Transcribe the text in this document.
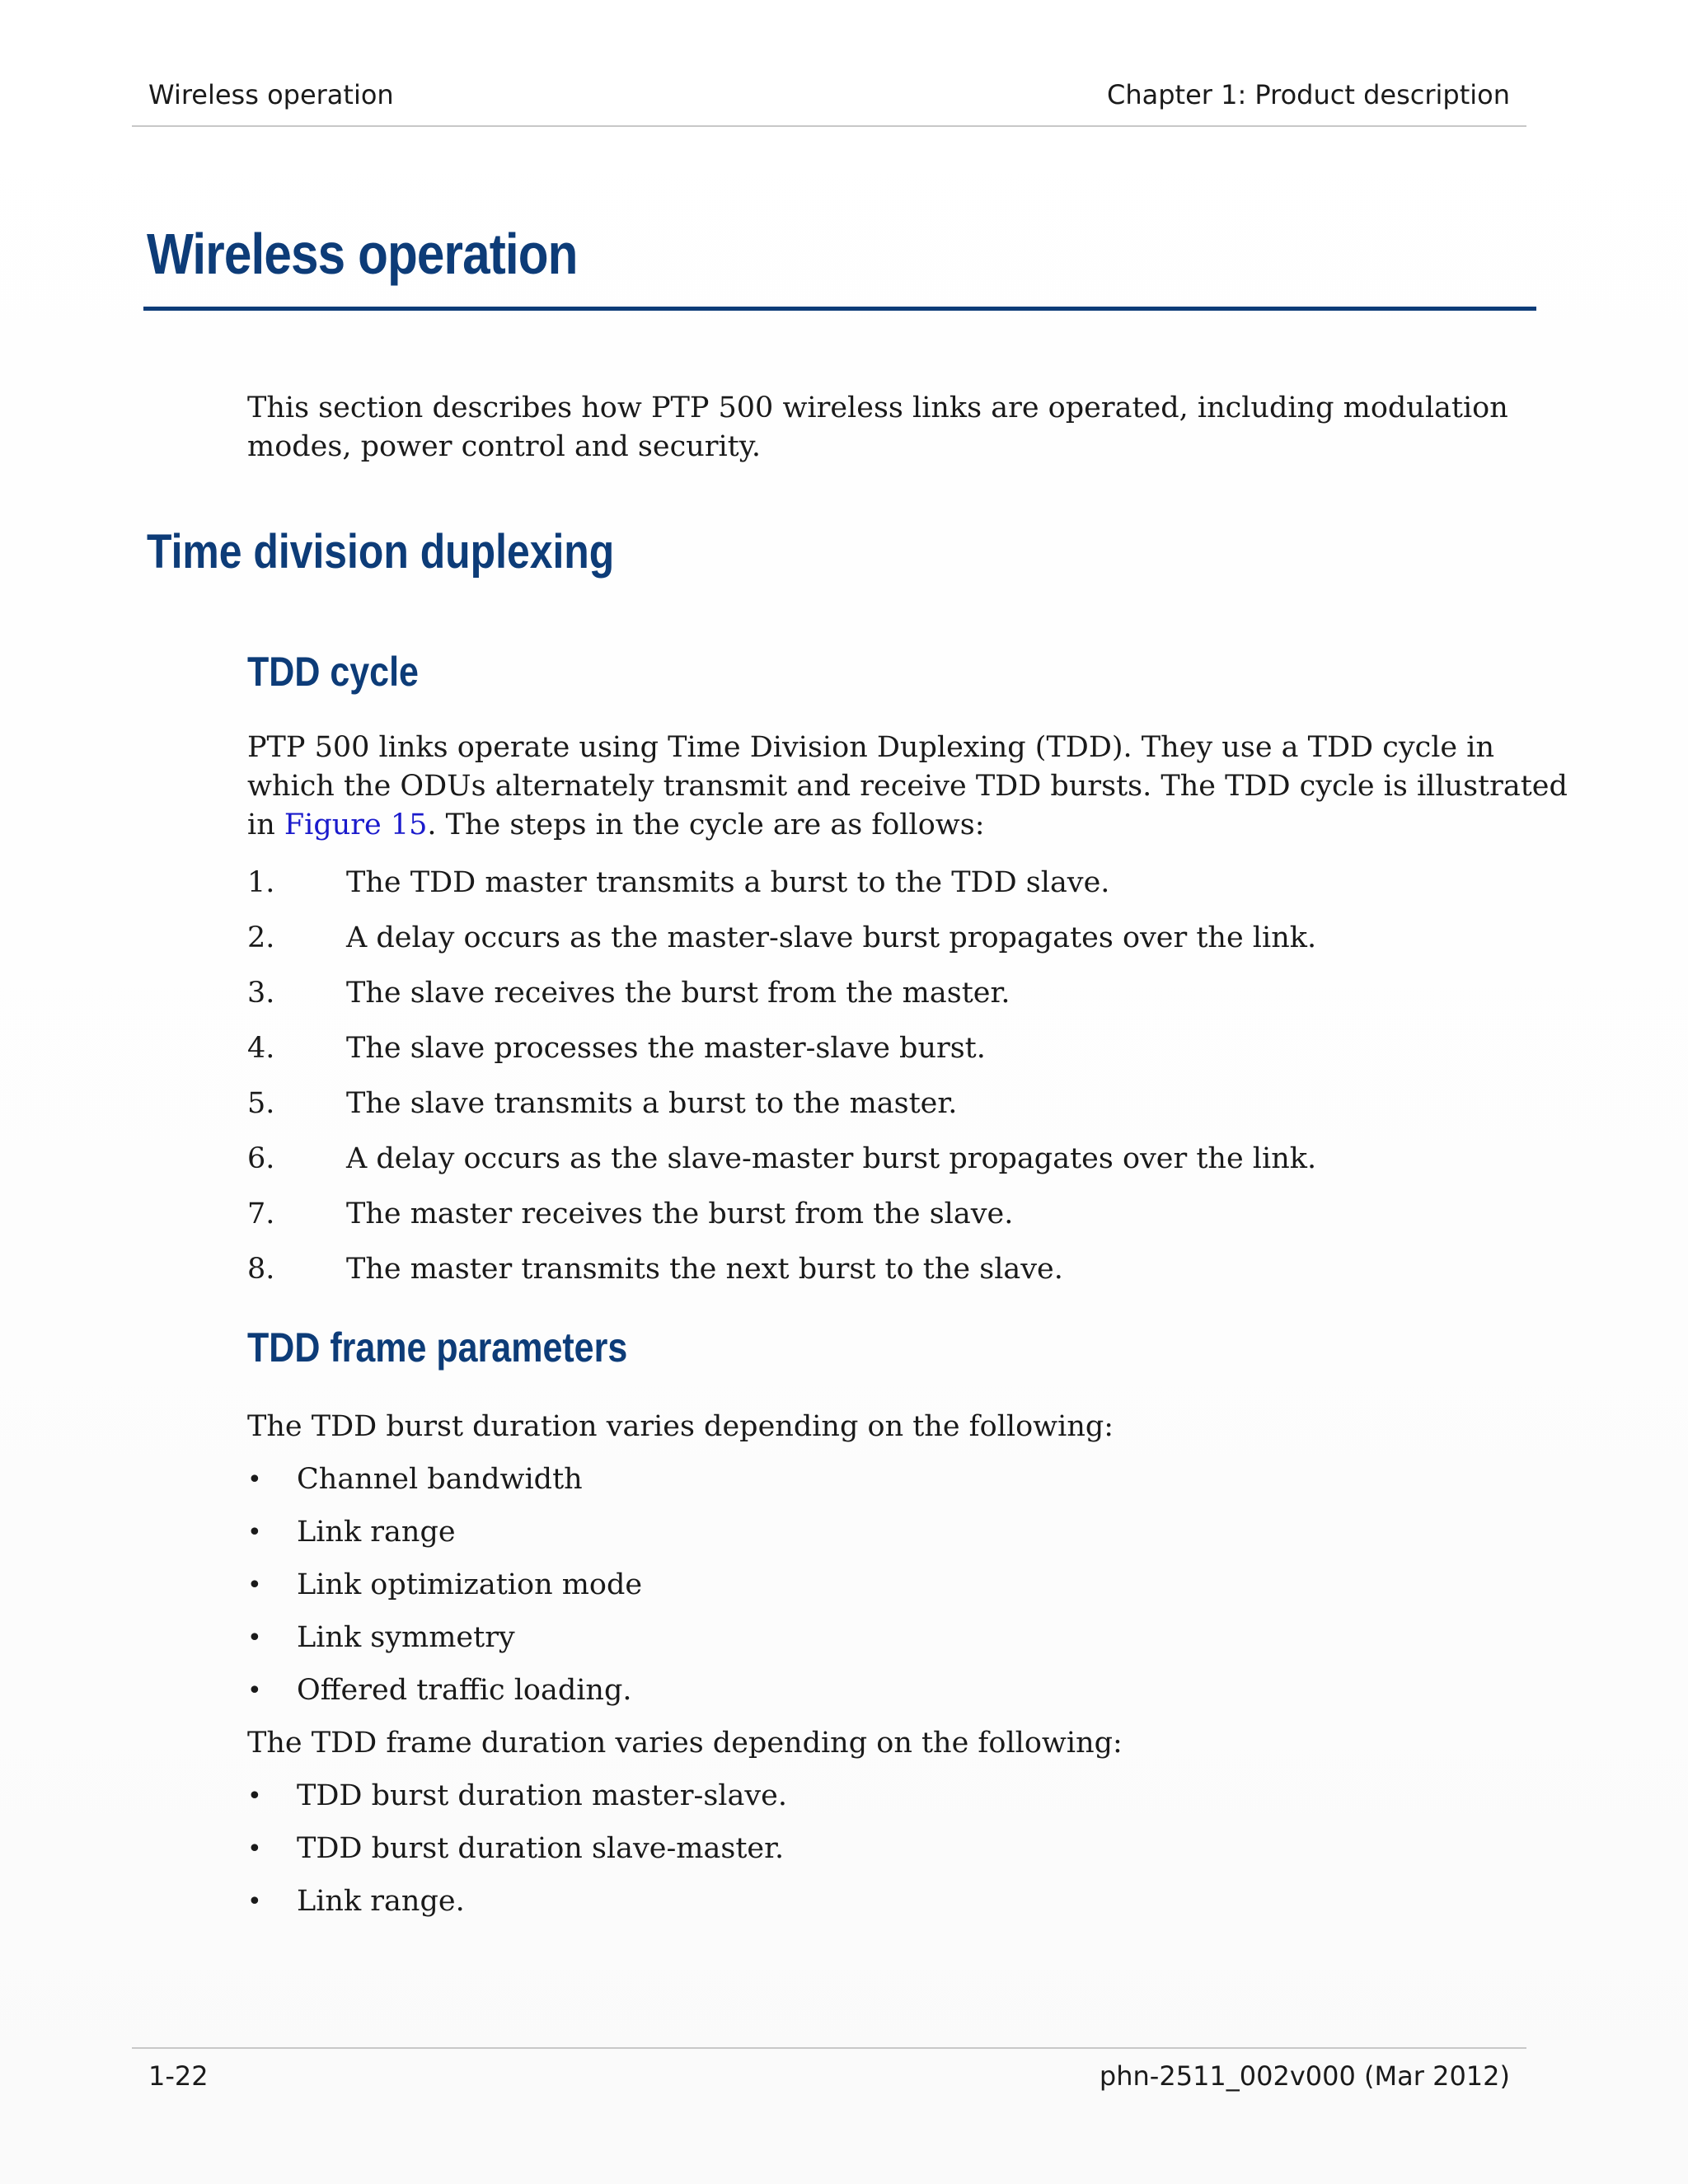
Wireless operation	Chapter 1: Product description
Wireless operation
This section describes how PTP 500 wireless links are operated, including modulation
modes, power control and security.
Time division duplexing
TDD cycle
PTP 500 links operate using Time Division Duplexing (TDD). They use a TDD cycle in
which the ODUs alternately transmit and receive TDD bursts. The TDD cycle is illustrated
in Figure 15. The steps in the cycle are as follows:
1. The TDD master transmits a burst to the TDD slave.
2. A delay occurs as the master-slave burst propagates over the link.
3. The slave receives the burst from the master.
4. The slave processes the master-slave burst.
5. The slave transmits a burst to the master.
6. A delay occurs as the slave-master burst propagates over the link.
7. The master receives the burst from the slave.
8. The master transmits the next burst to the slave.
TDD frame parameters
The TDD burst duration varies depending on the following:
• Channel bandwidth
• Link range
• Link optimization mode
• Link symmetry
• Offered traffic loading.
The TDD frame duration varies depending on the following:
• TDD burst duration master-slave.
• TDD burst duration slave-master.
• Link range.
1-22	phn-2511_002v000 (Mar 2012)
